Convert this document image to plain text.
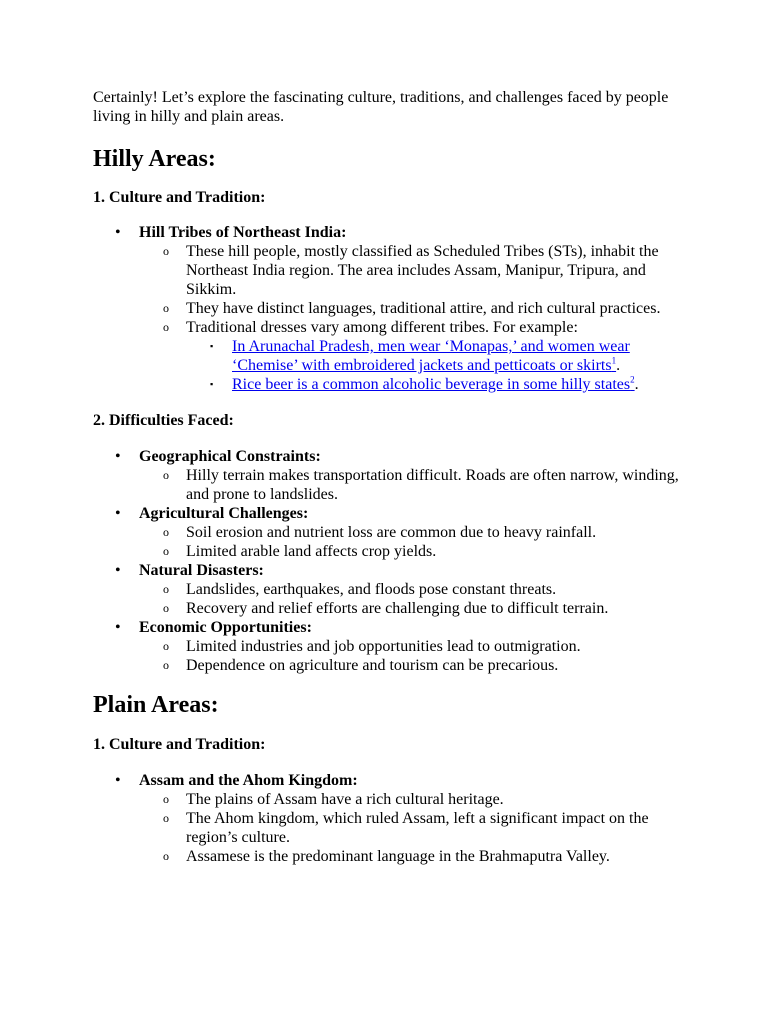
Certainly! Let’s explore the fascinating culture, traditions, and challenges faced by people living in hilly and plain areas.

Hilly Areas:
1. Culture and Tradition:
• Hill Tribes of Northeast India:
o These hill people, mostly classified as Scheduled Tribes (STs), inhabit the Northeast India region. The area includes Assam, Manipur, Tripura, and Sikkim.
o They have distinct languages, traditional attire, and rich cultural practices.
o Traditional dresses vary among different tribes. For example:
▪ In Arunachal Pradesh, men wear ‘Monapas,’ and women wear ‘Chemise’ with embroidered jackets and petticoats or skirts$^1$.
▪ Rice beer is a common alcoholic beverage in some hilly states$^2$.
2. Difficulties Faced:
• Geographical Constraints:
o Hilly terrain makes transportation difficult. Roads are often narrow, winding, and prone to landslides.
• Agricultural Challenges:
o Soil erosion and nutrient loss are common due to heavy rainfall.
o Limited arable land affects crop yields.
• Natural Disasters:
o Landslides, earthquakes, and floods pose constant threats.
o Recovery and relief efforts are challenging due to difficult terrain.
• Economic Opportunities:
o Limited industries and job opportunities lead to outmigration.
o Dependence on agriculture and tourism can be precarious.
Plain Areas:
1. Culture and Tradition:
• Assam and the Ahom Kingdom:
o The plains of Assam have a rich cultural heritage.
o The Ahom kingdom, which ruled Assam, left a significant impact on the region’s culture.
o Assamese is the predominant language in the Brahmaputra Valley.
